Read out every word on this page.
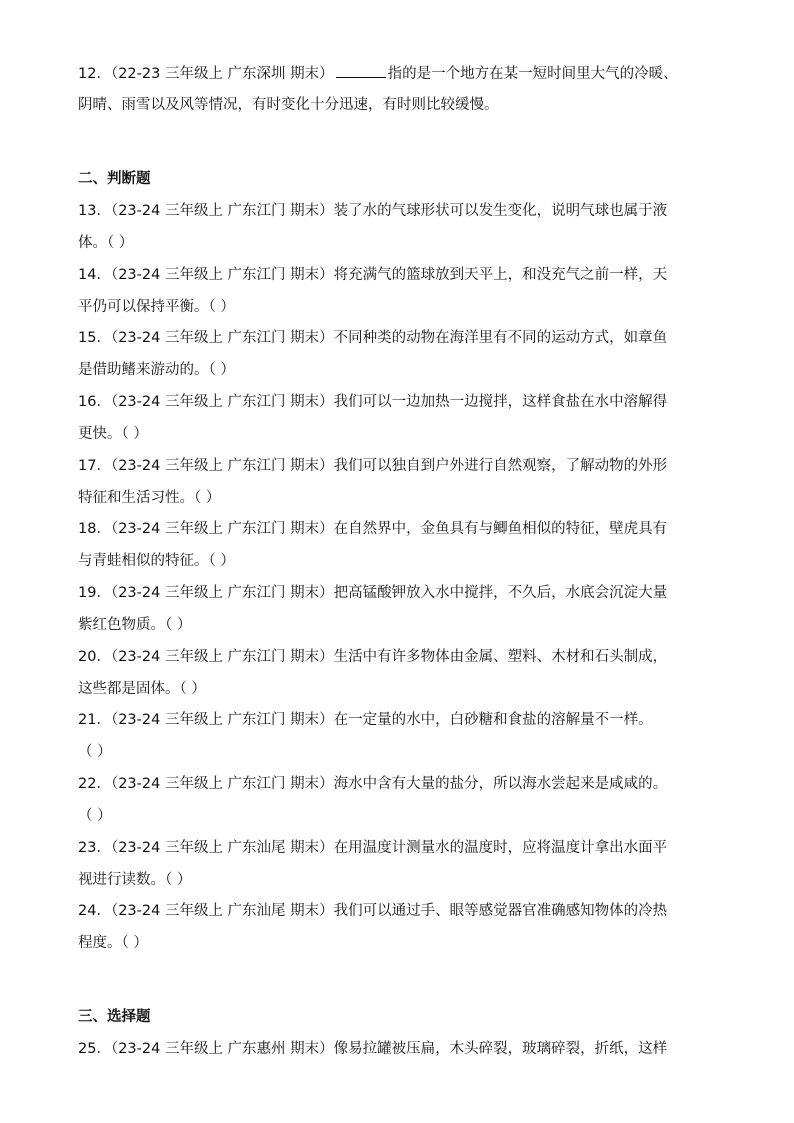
12．（22-23 三年级上 广东深圳 期末）	指的是一个地方在某一短时间里大气的冷暖、
阴晴、雨雪以及风等情况，有时变化十分迅速，有时则比较缓慢。
二、判断题
13．（23-24 三年级上 广东江门 期末）装了水的气球形状可以发生变化，说明气球也属于液
体。（ ）
14．（23-24 三年级上 广东江门 期末）将充满气的篮球放到天平上，和没充气之前一样，天
平仍可以保持平衡。（ ）
15．（23-24 三年级上 广东江门 期末）不同种类的动物在海洋里有不同的运动方式，如章鱼
是借助鳍来游动的。（ ）
16．（23-24 三年级上 广东江门 期末）我们可以一边加热一边搅拌，这样食盐在水中溶解得
更快。（ ）
17．（23-24 三年级上 广东江门 期末）我们可以独自到户外进行自然观察，了解动物的外形
特征和生活习性。（ ）
18．（23-24 三年级上 广东江门 期末）在自然界中，金鱼具有与鲫鱼相似的特征，壁虎具有
与青蛙相似的特征。（ ）
19．（23-24 三年级上 广东江门 期末）把高锰酸钾放入水中搅拌，不久后，水底会沉淀大量
紫红色物质。（ ）
20．（23-24 三年级上 广东江门 期末）生活中有许多物体由金属、塑料、木材和石头制成，
这些都是固体。（ ）
21．（23-24 三年级上 广东江门 期末）在一定量的水中，白砂糖和食盐的溶解量不一样。
（ ）
22．（23-24 三年级上 广东江门 期末）海水中含有大量的盐分，所以海水尝起来是咸咸的。
（ ）
23．（23-24 三年级上 广东汕尾 期末）在用温度计测量水的温度时，应将温度计拿出水面平
视进行读数。（ ）
24．（23-24 三年级上 广东汕尾 期末）我们可以通过手、眼等感觉器官准确感知物体的冷热
程度。（ ）
三、选择题
25．（23-24 三年级上 广东惠州 期末）像易拉罐被压扁，木头碎裂，玻璃碎裂，折纸，这样
